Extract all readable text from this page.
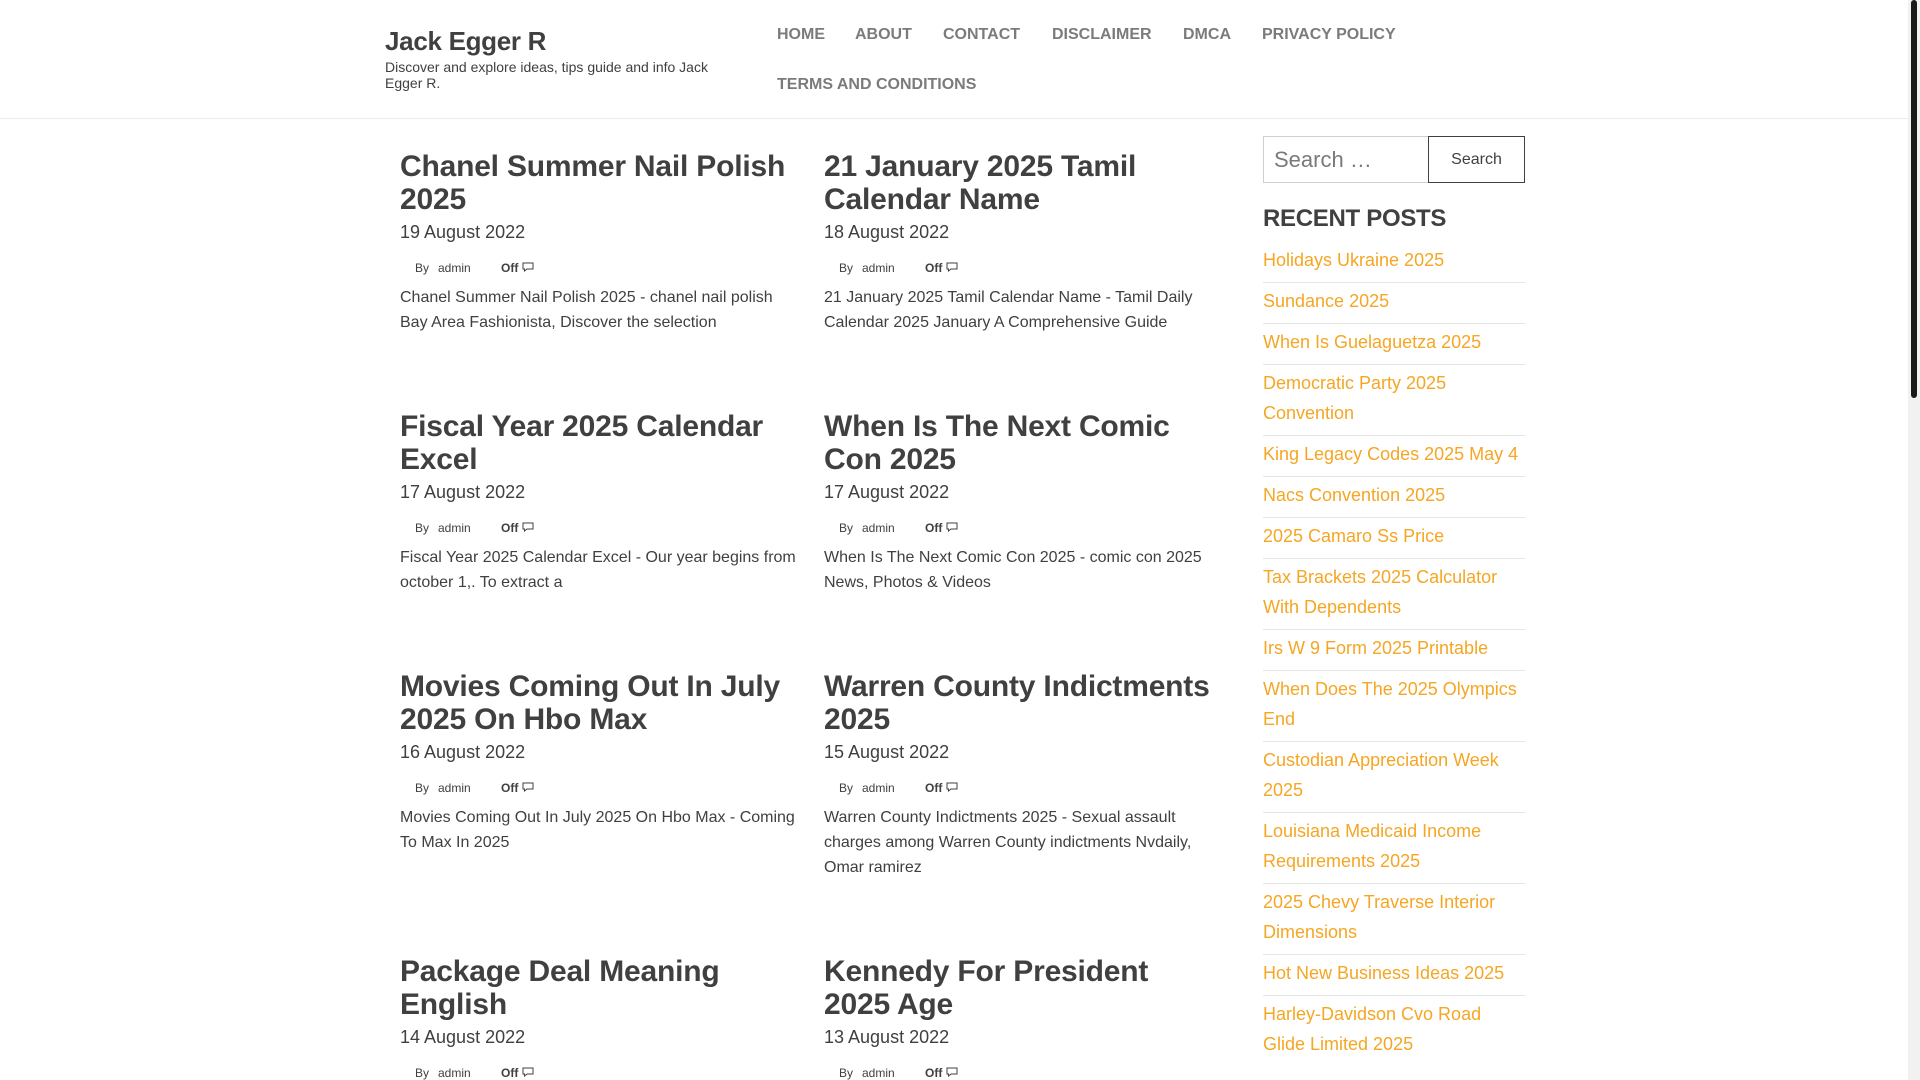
Jack Egger R

Discover and explore ideas, tips guide and info Jack Egger R.

HOME ABOUT CONTACT DISCLAIMER DMCA PRIVACY POLICY
TERMS AND CONDITIONS
Chanel Summer Nail Polish 2025
19 August 2022
By admin	Off

Chanel Summer Nail Polish 2025 - chanel nail polish Bay Area Fashionista, Discover the selection

21 January 2025 Tamil Calendar Name
18 August 2022
By admin	Off

21 January 2025 Tamil Calendar Name - Tamil Daily Calendar 2025 January A Comprehensive Guide

Fiscal Year 2025 Calendar Excel
17 August 2022
By admin	Off

Fiscal Year 2025 Calendar Excel - Our year begins from october 1,. To extract a

When Is The Next Comic Con 2025
17 August 2022
By admin	Off

When Is The Next Comic Con 2025 - comic con 2025 News, Photos & Videos

Movies Coming Out In July 2025 On Hbo Max
16 August 2022
By admin	Off

Movies Coming Out In July 2025 On Hbo Max - Coming To Max In 2025

Warren County Indictments 2025
15 August 2022
By admin	Off

Warren County Indictments 2025 - Sexual assault charges among Warren County indictments Nvdaily, Omar ramirez

Package Deal Meaning English
14 August 2022
By admin	Off
Kennedy For President 2025 Age
13 August 2022
By admin	Off
Search …
Search
RECENT POSTS
Holidays Ukraine 2025
Sundance 2025
When Is Guelaguetza 2025
Democratic Party 2025 Convention
King Legacy Codes 2025 May 4
Nacs Convention 2025
2025 Camaro Ss Price
Tax Brackets 2025 Calculator With Dependents
Irs W 9 Form 2025 Printable
When Does The 2025 Olympics End
Custodian Appreciation Week 2025
Louisiana Medicaid Income Requirements 2025
2025 Chevy Traverse Interior Dimensions
Hot New Business Ideas 2025
Harley-Davidson Cvo Road Glide Limited 2025
